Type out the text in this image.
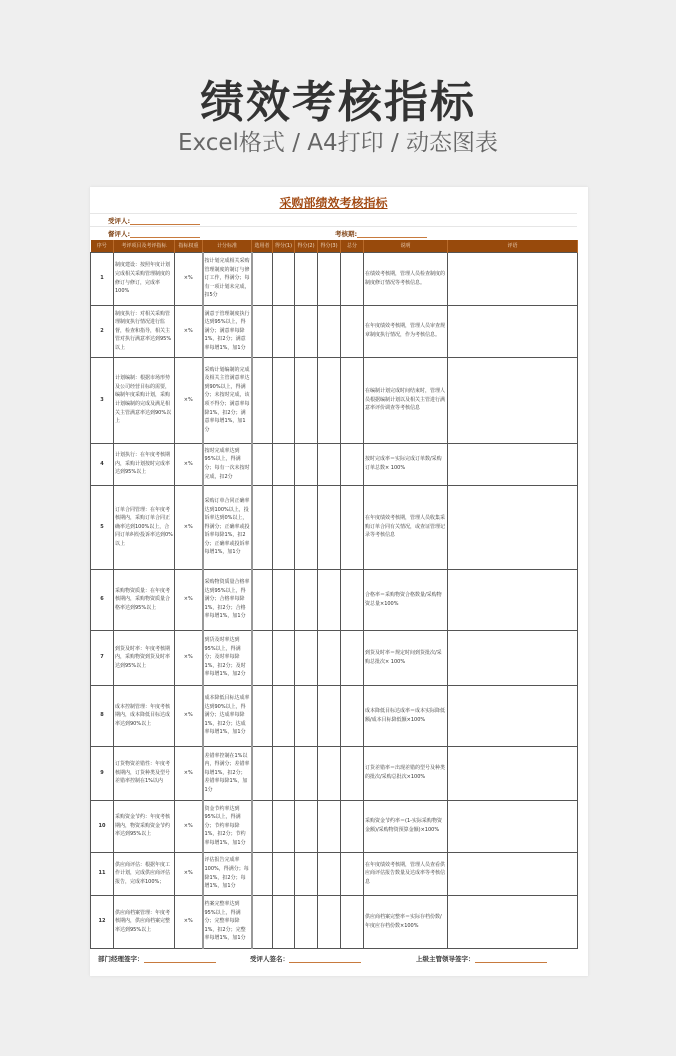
绩效考核指标
Excel格式 / A4打印 / 动态图表
采购部绩效考核指标
受评人:
督评人:	考核期:
序号	考评项目及考评指标	指标权重	计分标准	选用者	得分(1)	得分(2)	得分(3)	总分	说明	评语
1	制度建设：按照年度计划完成相关采购管理制度的修订与修订，完成率100%	×%	按计划完成相关采购管理制度的制订与修订工作，得满分；每有一项计划未完成，扣5分						在绩效考核期，管理人员检查制度的制度修订情况等考核信息。	
2	制度执行：对相关采购管理制度执行情况进行监督，检查和指导，相关主管对执行满意率达到95%以上	×%	满意于管理制度执行达到95%以上，得满分；满意率每降1%，扣2分；满意率每增1%，加1分						在年度绩效考核期，管理人员审查规章制度执行情况，作为考核信息。	
3	计划编制：根据市场形势及公司经营目标的需要，编制年度采购计划，采购计划编制的完成及满足相关主管满意率达到90%以上	×%	采购计划编制的完成及相关主管满意率达到90%以上，得满分；未按时完成，该项不得分；满意率每降1%，扣2分；满意率每增1%，加1分						在编制计划完成时间结束时，管理人员根据编制计划以及相关主管进行满意率评价调查等考核信息	
4	计划执行：在年度考核期内，采购计划按时完成率达到95%以上	×%	按时完成率达到95%以上，得满分；每有一次未按时完成，扣2分						按时完成率＝实际完成订单数/采购订单总数× 100%	
5	订单合同管理：在年度考核期内，采购订单合同正确率达到100%以上，合同订单纠纷投诉率达到0%以上	×%	采购订单合同正确率达到100%以上，投诉率达到0%以上，得满分；正确率或投诉率每降1%，扣2分；正确率或投诉率每增1%，加1分						在年度绩效考核期，管理人员收集采购订单合同有关情况，或查证管理记录等考核信息	
6	采购物资质量：在年度考核期内，采购物资质量合格率达到95%以上	×%	采购物资质量合格率达到95%以上，得满分；合格率每降1%，扣2分；合格率每增1%，加1分						合格率＝采购物资合格数量/采购物资总量×100%	
7	到货及时率：年度考核期内，采购物资到货及时率达到95%以上	×%	到货及时率达到95%以上，得满分；及时率每降1%，扣2分；及时率每增1%，加2分						到货及时率＝规定时间到货批次/采购总批次× 100%	
8	成本控制管理：年度考核期内，成本降低目标达成率达到90%以上	×%	成本降低目标达成率达到90%以上，得满分；达成率每降1%，扣2分；达成率每增1%，加1分						成本降低目标达成率＝成本实际降低额/成本目标降低额×100%	
9	订货物资差错性：年度考核期内，订货种类及型号差错率控制在1%以内	×%	差错率控制在1%以内，得满分；差错率每增1%，扣2分；差错率每降1%，加1分						订货差错率＝出现差错的型号及种类的批次/采购总批次×100%	
10	采购资金节约：年度考核期内，物资采购资金节约率达到95%以上	×%	资金节约率达到95%以上，得满分；节约率每降1%，扣2分；节约率每增1%，加1分						采购资金节约率＝(1-实际采购物资金额)/采购物资预算金额)×100%	
11	供应商评估：根据年度工作计划，完成供应商评估报告，完成率100%；	×%	评估报告完成率100%，得满分；每降1%，扣2分；每增1%，加1分						在年度绩效考核期，管理人员查看供应商评估报告数量及达成率等考核信息	
12	供应商档案管理：年度考核期内，供应商档案完整率达到95%以上	×%	档案完整率达到95%以上，得满分；完整率每降1%，扣2分；完整率每增1%，加1分						供应商档案完整率＝实际存档份数/年度应存档份数×100%	
部门经理签字：	受评人签名：	上级主管领导签字：
